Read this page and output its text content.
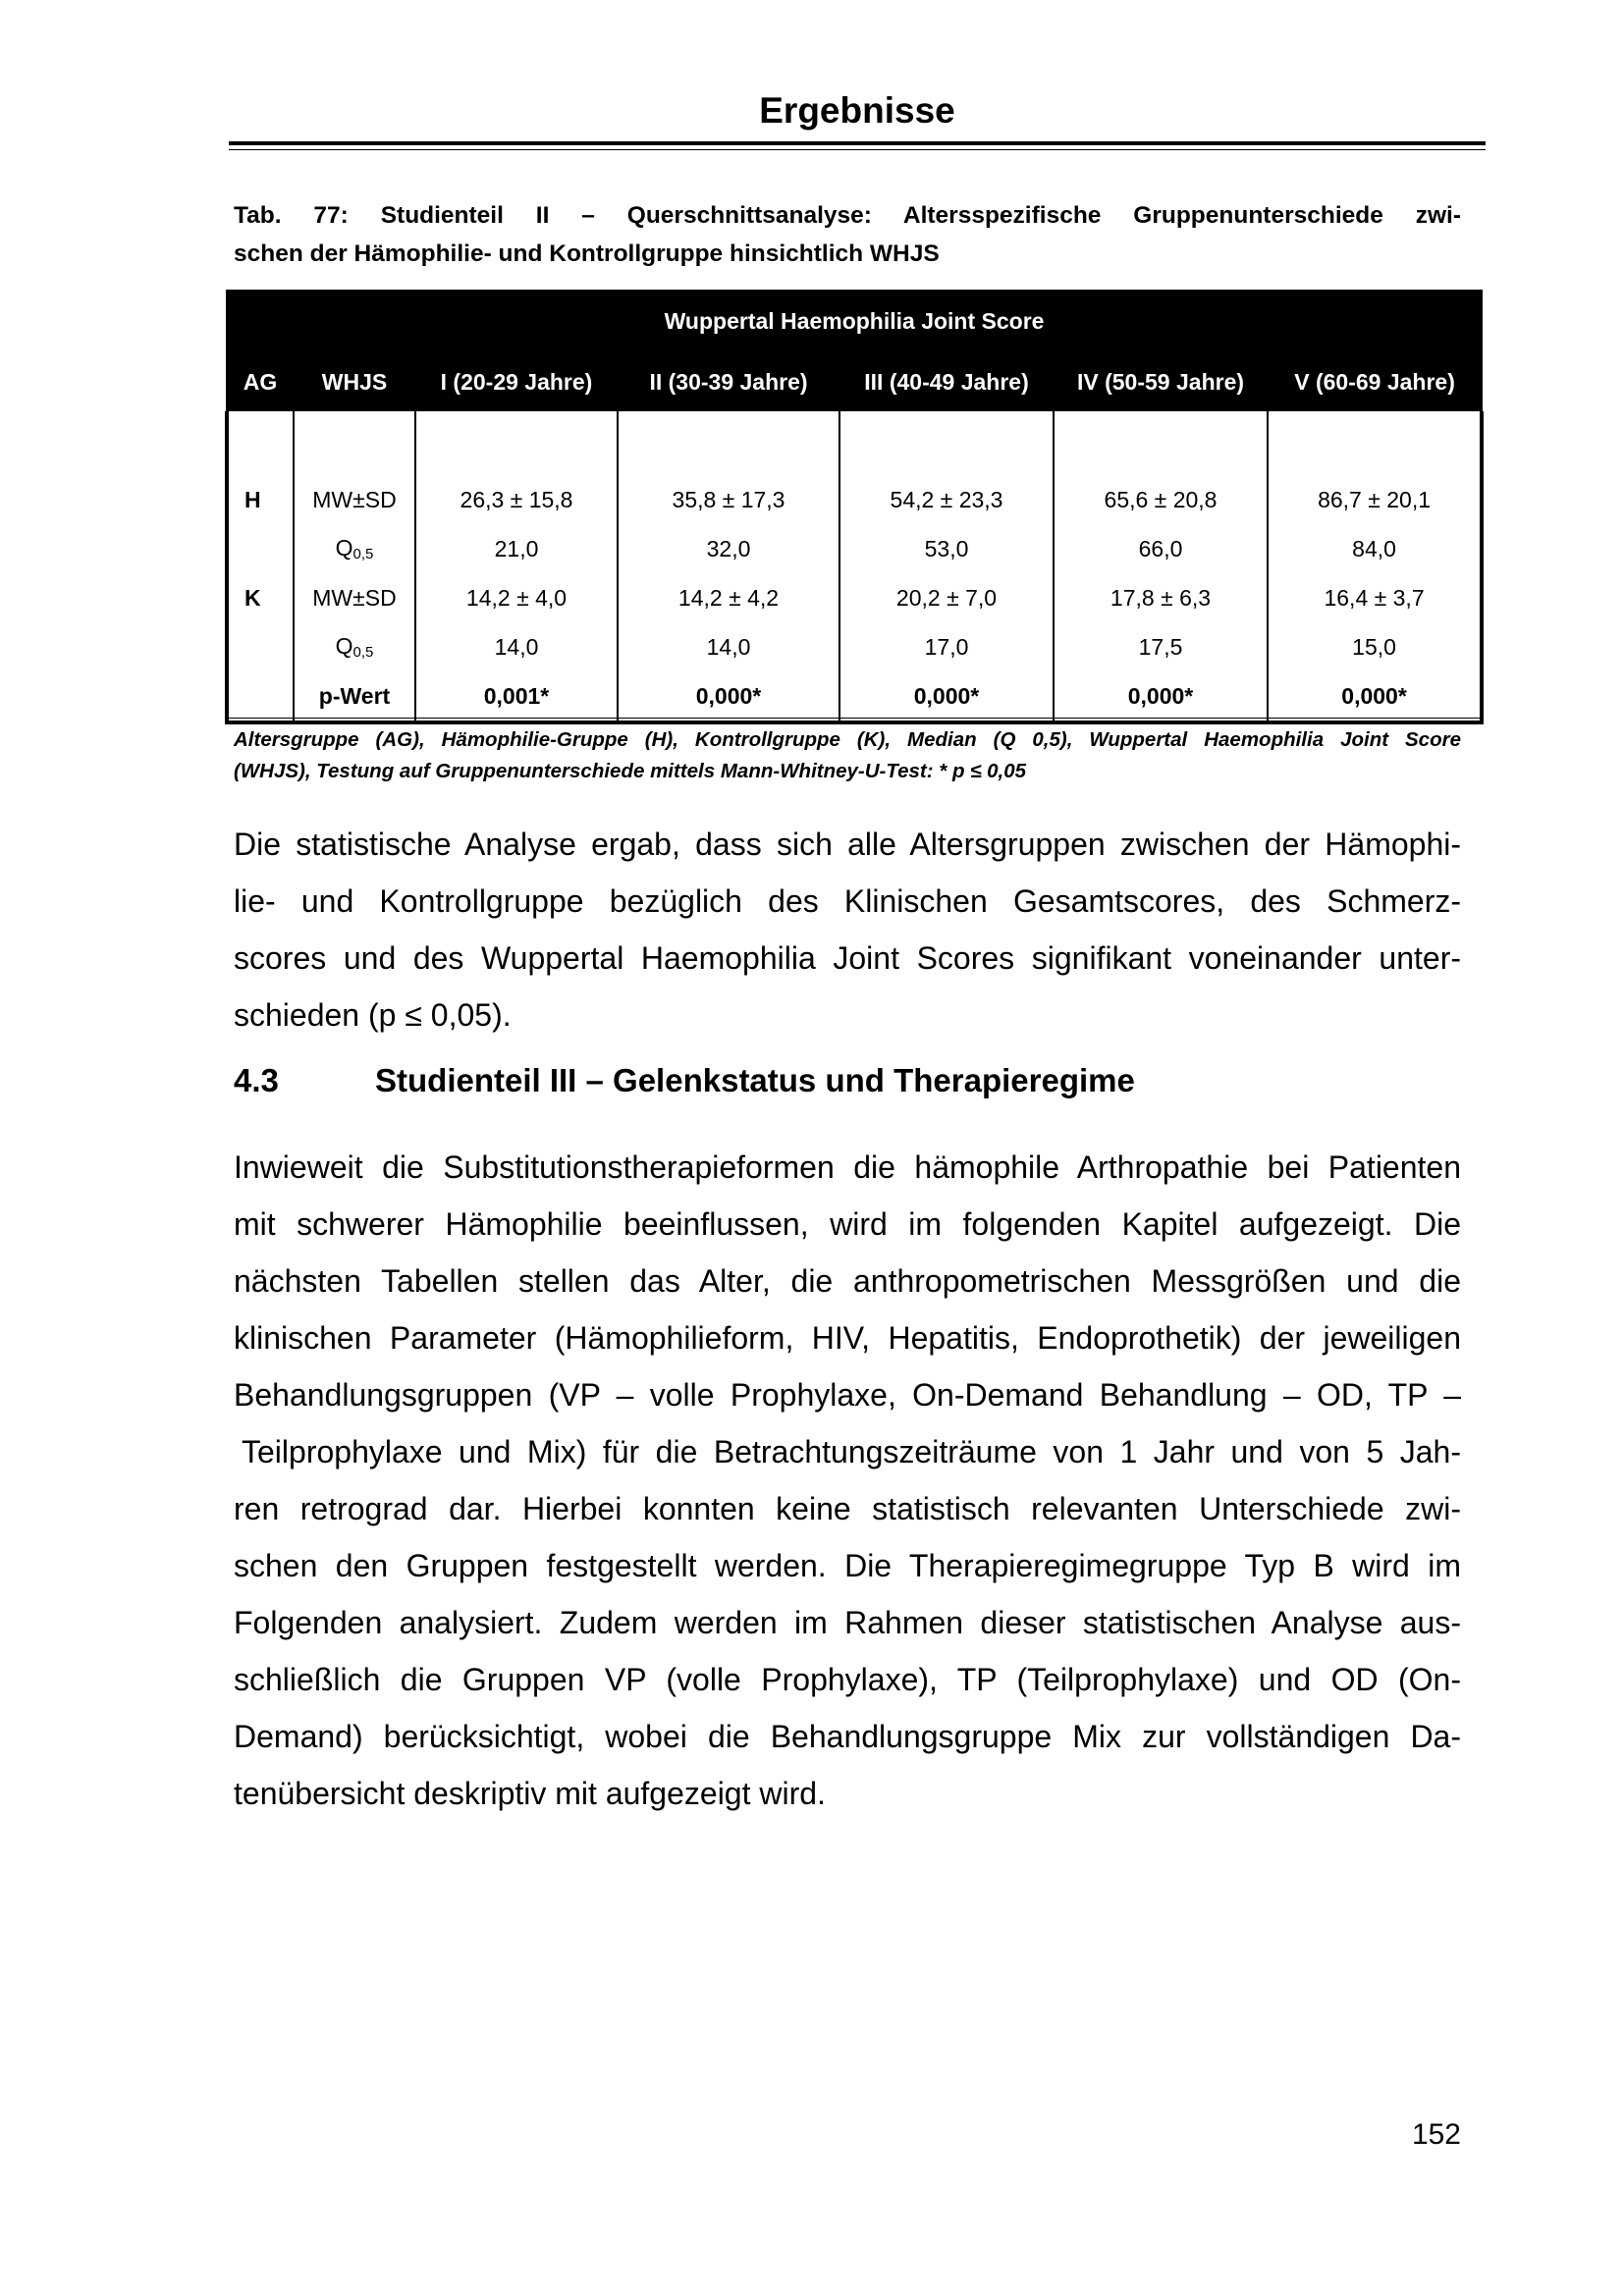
Ergebnisse
Tab. 77: Studienteil II – Querschnittsanalyse: Altersspezifische Gruppenunterschiede zwi-
schen der Hämophilie- und Kontrollgruppe hinsichtlich WHJS
Wuppertal Haemophilia Joint Score						
AG	WHJS	I (20-29 Jahre)	II (30-39 Jahre)	III (40-49 Jahre)	IV (50-59 Jahre)	V (60-69 Jahre)

H	MW±SD	26,3 ± 15,8	35,8 ± 17,3	54,2 ± 23,3	65,6 ± 20,8	86,7 ± 20,1
	$Q_{0,5}$	21,0	32,0	53,0	66,0	84,0
K	MW±SD	14,2 ± 4,0	14,2 ± 4,2	20,2 ± 7,0	17,8 ± 6,3	16,4 ± 3,7
	$Q_{0,5}$	14,0	14,0	17,0	17,5	15,0
	p-Wert	0,001*	0,000*	0,000*	0,000*	0,000*
Altersgruppe (AG), Hämophilie-Gruppe (H), Kontrollgruppe (K), Median (Q 0,5), Wuppertal Haemophilia Joint Score
(WHJS), Testung auf Gruppenunterschiede mittels Mann-Whitney-U-Test: * p ≤ 0,05
Die statistische Analyse ergab, dass sich alle Altersgruppen zwischen der Hämophi-
lie- und Kontrollgruppe bezüglich des Klinischen Gesamtscores, des Schmerz-
scores und des Wuppertal Haemophilia Joint Scores signifikant voneinander unter-
schieden (p ≤ 0,05).
4.3	Studienteil III – Gelenkstatus und Therapieregime
Inwieweit die Substitutionstherapieformen die hämophile Arthropathie bei Patienten
mit schwerer Hämophilie beeinflussen, wird im folgenden Kapitel aufgezeigt. Die
nächsten Tabellen stellen das Alter, die anthropometrischen Messgrößen und die
klinischen Parameter (Hämophilieform, HIV, Hepatitis, Endoprothetik) der jeweiligen
Behandlungsgruppen (VP – volle Prophylaxe, On-Demand Behandlung – OD, TP –
Teilprophylaxe und Mix) für die Betrachtungszeiträume von 1 Jahr und von 5 Jah-
ren retrograd dar. Hierbei konnten keine statistisch relevanten Unterschiede zwi-
schen den Gruppen festgestellt werden. Die Therapieregimegruppe Typ B wird im
Folgenden analysiert. Zudem werden im Rahmen dieser statistischen Analyse aus-
schließlich die Gruppen VP (volle Prophylaxe), TP (Teilprophylaxe) und OD (On-
Demand) berücksichtigt, wobei die Behandlungsgruppe Mix zur vollständigen Da-
tenübersicht deskriptiv mit aufgezeigt wird.
152
